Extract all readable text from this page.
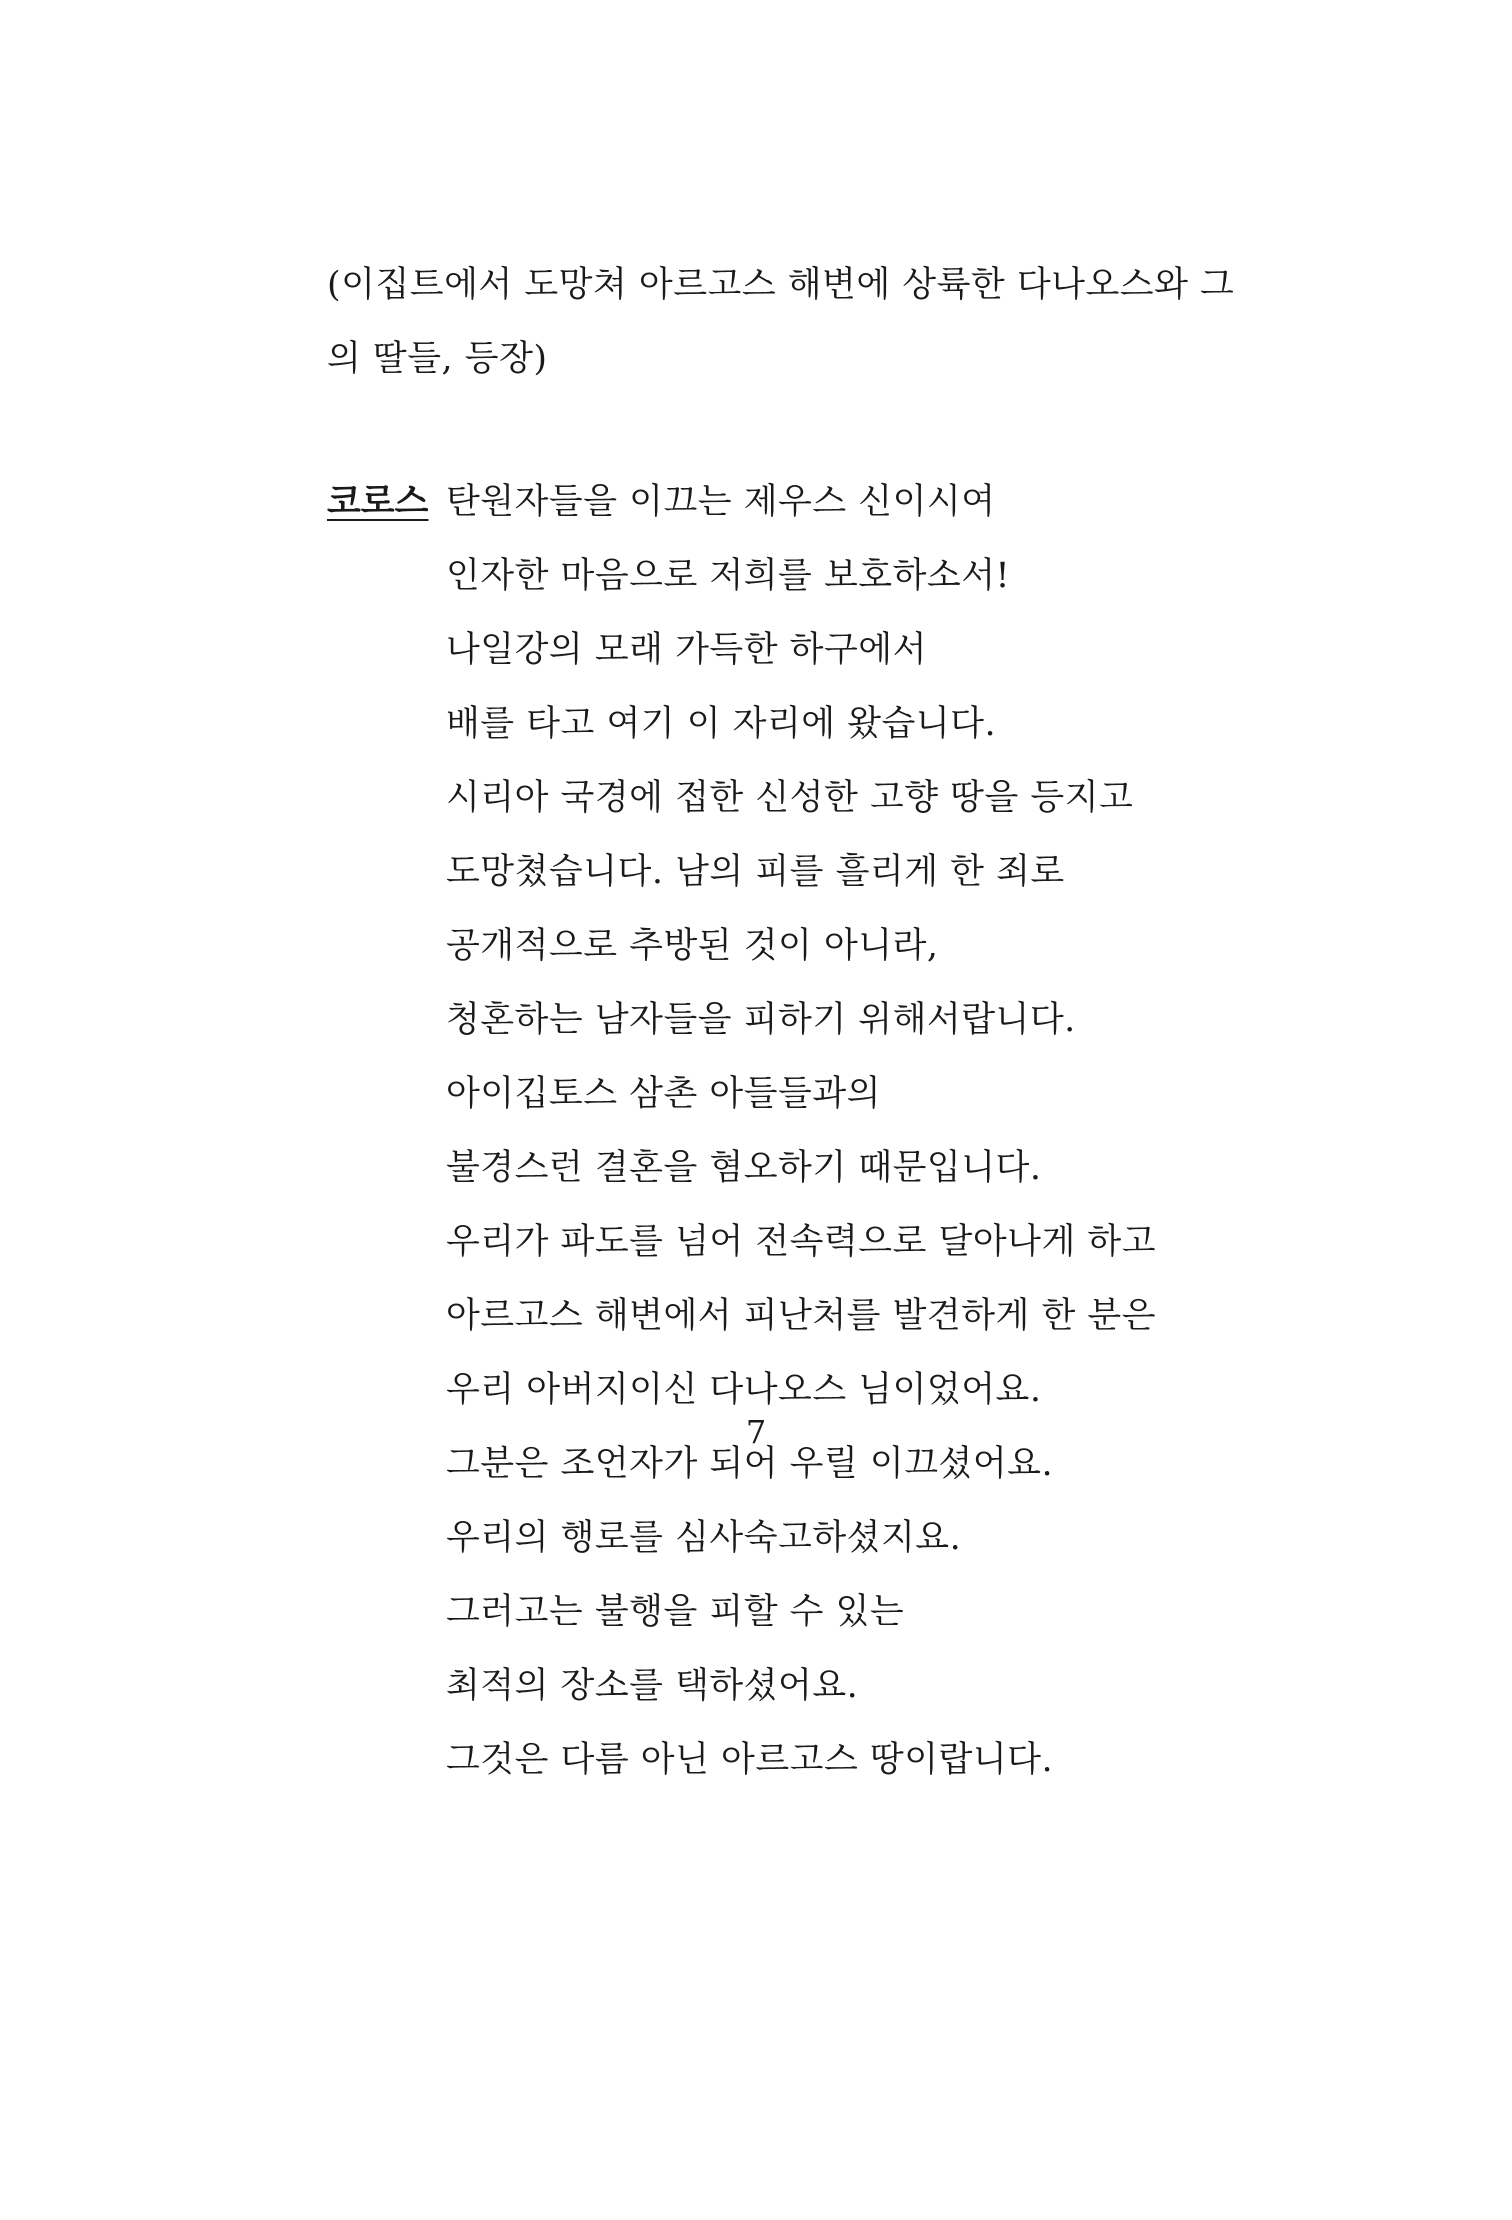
(이집트에서 도망쳐 아르고스 해변에 상륙한 다나오스와 그
의 딸들, 등장)
코로스 탄원자들을 이끄는 제우스 신이시여
인자한 마음으로 저희를 보호하소서!
나일강의 모래 가득한 하구에서
배를 타고 여기 이 자리에 왔습니다.
시리아 국경에 접한 신성한 고향 땅을 등지고
도망쳤습니다. 남의 피를 흘리게 한 죄로
공개적으로 추방된 것이 아니라,
청혼하는 남자들을 피하기 위해서랍니다.
아이깁토스 삼촌 아들들과의
불경스런 결혼을 혐오하기 때문입니다.
우리가 파도를 넘어 전속력으로 달아나게 하고
아르고스 해변에서 피난처를 발견하게 한 분은
우리 아버지이신 다나오스 님이었어요.
그분은 조언자가 되어 우릴 이끄셨어요.
우리의 행로를 심사숙고하셨지요.
그러고는 불행을 피할 수 있는
최적의 장소를 택하셨어요.
그것은 다름 아닌 아르고스 땅이랍니다.
7
